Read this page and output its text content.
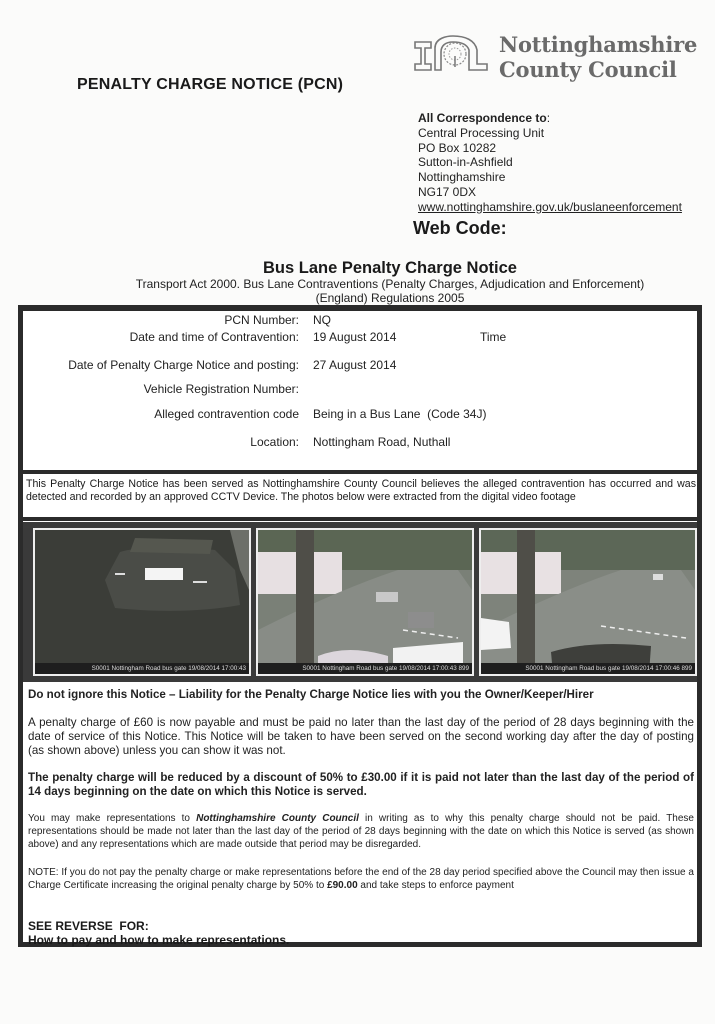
Nottinghamshire
County Council
PENALTY CHARGE NOTICE (PCN)
All Correspondence to:
Central Processing Unit
PO Box 10282
Sutton-in-Ashfield
Nottinghamshire
NG17 0DX
www.nottinghamshire.gov.uk/buslaneenforcement
Web Code:
Bus Lane Penalty Charge Notice
Transport Act 2000. Bus Lane Contraventions (Penalty Charges, Adjudication and Enforcement)
(England) Regulations 2005
PCN Number: NQ
Date and time of Contravention: 19 August 2014	Time
Date of Penalty Charge Notice and posting: 27 August 2014
Vehicle Registration Number:
Alleged contravention code Being in a Bus Lane  (Code 34J)
Location: Nottingham Road, Nuthall
This Penalty Charge Notice has been served as Nottinghamshire County Council believes the alleged contravention has occurred and was detected and recorded by an approved CCTV Device. The photos below were extracted from the digital video footage
S0001 Nottingham Road bus gate 19/08/2014 17:00:43	S0001 Nottingham Road bus gate 19/08/2014 17:00:43 899	S0001 Nottingham Road bus gate 19/08/2014 17:00:46 899
Do not ignore this Notice – Liability for the Penalty Charge Notice lies with you the Owner/Keeper/Hirer
A penalty charge of £60 is now payable and must be paid no later than the last day of the period of 28 days beginning with the date of service of this Notice. This Notice will be taken to have been served on the second working day after the day of posting (as shown above) unless you can show it was not.
The penalty charge will be reduced by a discount of 50% to £30.00 if it is paid not later than the last day of the period of 14 days beginning on the date on which this Notice is served.
You may make representations to Nottinghamshire County Council in writing as to why this penalty charge should not be paid. These representations should be made not later than the last day of the period of 28 days beginning with the date on which this Notice is served (as shown above) and any representations which are made outside that period may be disregarded.
NOTE: If you do not pay the penalty charge or make representations before the end of the 28 day period specified above the Council may then issue a Charge Certificate increasing the original penalty charge by 50% to £90.00 and take steps to enforce payment
SEE REVERSE  FOR:
How to pay and how to make representations.
